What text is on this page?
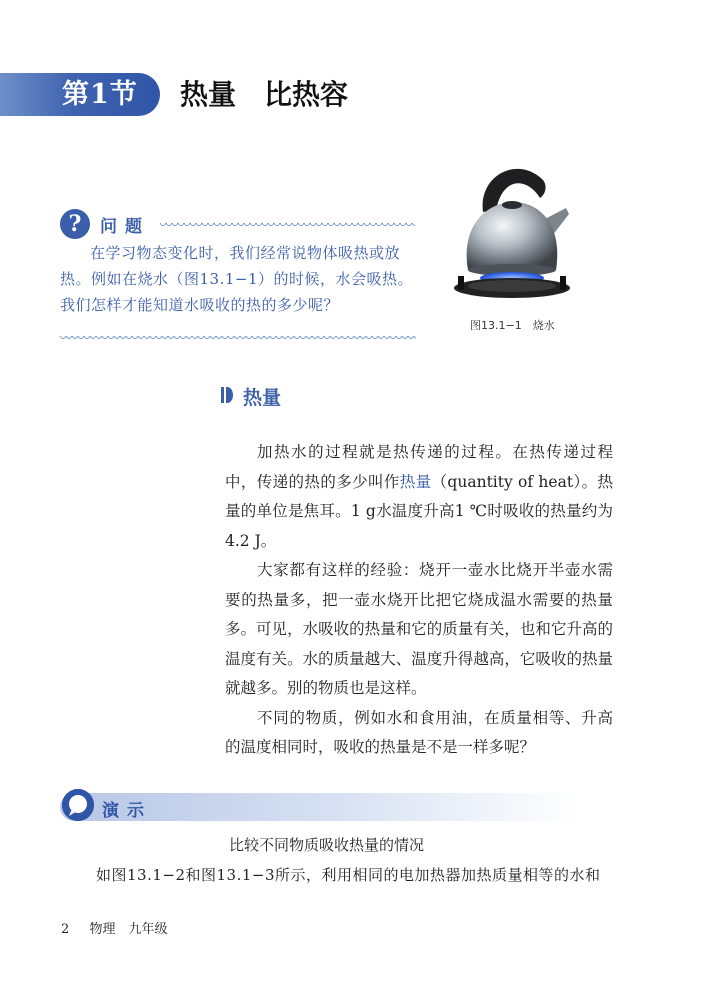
第1节 热量　比热容
?	问题
在学习物态变化时，我们经常说物体吸热或放热。例如在烧水（图13.1−1）的时候，水会吸热。我们怎样才能知道水吸收的热的多少呢？
图13.1−1　烧水
热量

加热水的过程就是热传递的过程。在热传递过程中，传递的热的多少叫作热量（quantity of heat）。热量的单位是焦耳。1 g水温度升高1 ℃时吸收的热量约为4.2 J。

大家都有这样的经验：烧开一壶水比烧开半壶水需要的热量多，把一壶水烧开比把它烧成温水需要的热量多。可见，水吸收的热量和它的质量有关，也和它升高的温度有关。水的质量越大、温度升得越高，它吸收的热量就越多。别的物质也是这样。

不同的物质，例如水和食用油，在质量相等、升高的温度相同时，吸收的热量是不是一样多呢？

演示
比较不同物质吸收热量的情况
如图13.1−2和图13.1−3所示，利用相同的电加热器加热质量相等的水和
2 物理　九年级
